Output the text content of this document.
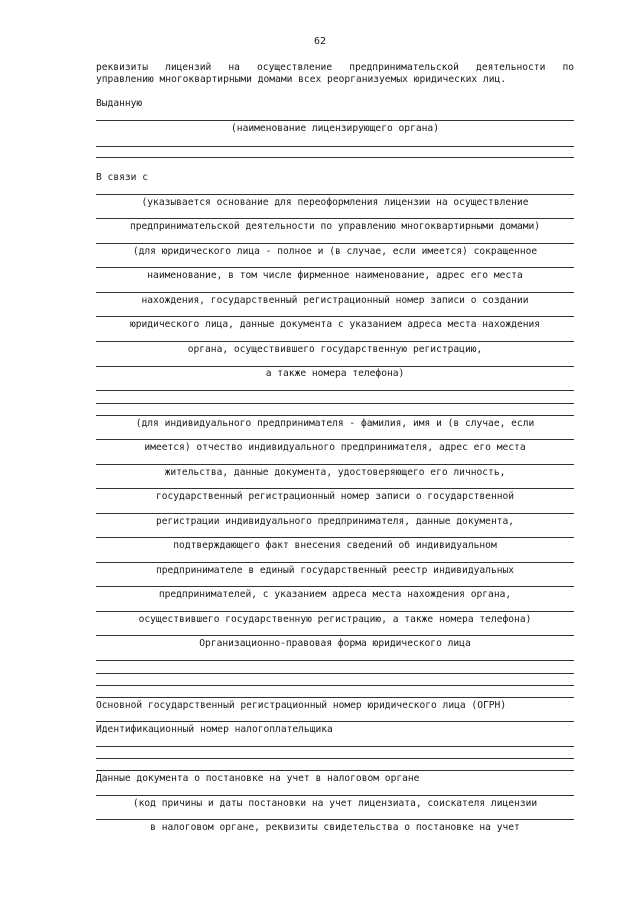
62
реквизиты лицензий на осуществление предпринимательской деятельности по
управлению многоквартирными домами всех реорганизуемых юридических лиц.
Выданную
(наименование лицензирующего органа)
В связи с
(указывается основание для переоформления лицензии на осуществление
предпринимательской деятельности по управлению многоквартирными домами)
(для юридического лица - полное и (в случае, если имеется) сокращенное
наименование, в том числе фирменное наименование, адрес его места
нахождения, государственный регистрационный номер записи о создании
юридического лица, данные документа с указанием адреса места нахождения
органа, осуществившего государственную регистрацию,
а также номера телефона)
(для индивидуального предпринимателя - фамилия, имя и (в случае, если
имеется) отчество индивидуального предпринимателя, адрес его места
жительства, данные документа, удостоверяющего его личность,
государственный регистрационный номер записи о государственной
регистрации индивидуального предпринимателя, данные документа,
подтверждающего факт внесения сведений об индивидуальном
предпринимателе в единый государственный реестр индивидуальных
предпринимателей, с указанием адреса места нахождения органа,
осуществившего государственную регистрацию, а также номера телефона)
Организационно-правовая форма юридического лица
Основной государственный регистрационный номер юридического лица (ОГРН)
Идентификационный номер налогоплательщика
Данные документа о постановке на учет в налоговом органе
(код причины и даты постановки на учет лицензиата, соискателя лицензии
в налоговом органе, реквизиты свидетельства о постановке на учет
